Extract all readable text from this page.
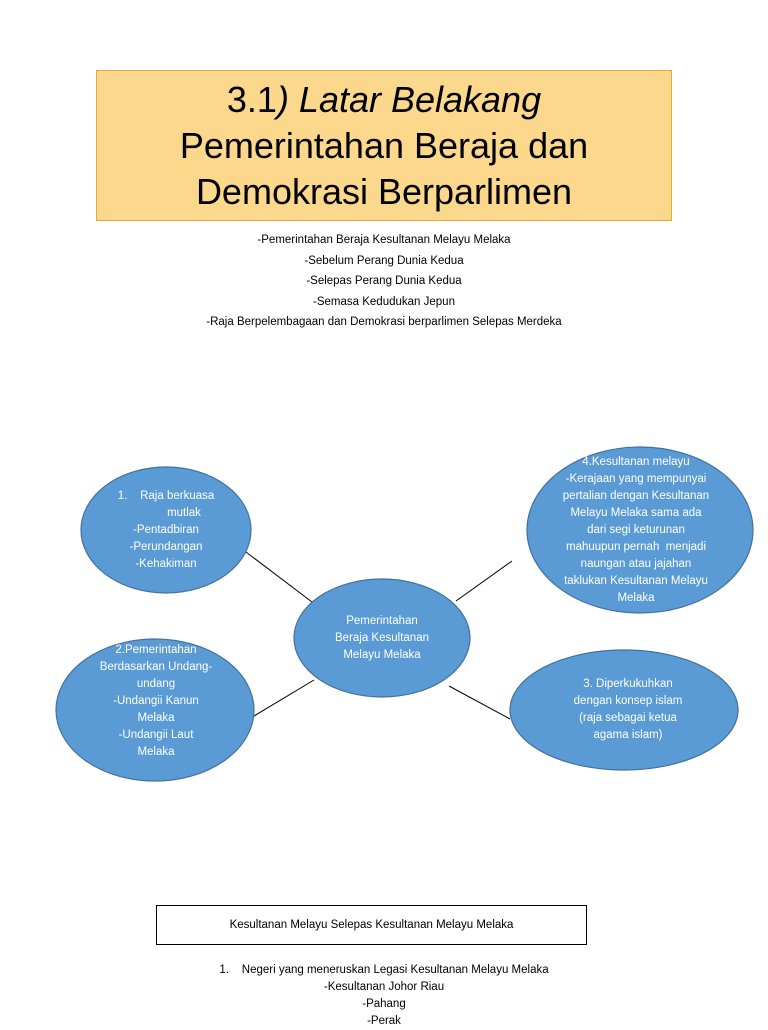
3.1) Latar Belakang
Pemerintahan Beraja dan
Demokrasi Berparlimen
-Pemerintahan Beraja Kesultanan Melayu Melaka
-Sebelum Perang Dunia Kedua
-Selepas Perang Dunia Kedua
-Semasa Kedudukan Jepun
-Raja Berpelembagaan dan Demokrasi berparlimen Selepas Merdeka
Pemerintahan
Beraja Kesultanan
Melayu Melaka
1.    Raja berkuasa
mutlak
-Pentadbiran
-Perundangan
-Kehakiman
2.Pemerintahan
Berdasarkan Undang-
undang
-Undangii Kanun
Melaka
-Undangii Laut
Melaka
3. Diperkukuhkan
dengan konsep islam
(raja sebagai ketua
agama islam)
4.Kesultanan melayu
-Kerajaan yang mempunyai
pertalian dengan Kesultanan
Melayu Melaka sama ada
dari segi keturunan
mahuupun pernah  menjadi
naungan atau jajahan
taklukan Kesultanan Melayu
Melaka
Kesultanan Melayu Selepas Kesultanan Melayu Melaka
1.    Negeri yang meneruskan Legasi Kesultanan Melayu Melaka
-Kesultanan Johor Riau
-Pahang
-Perak
